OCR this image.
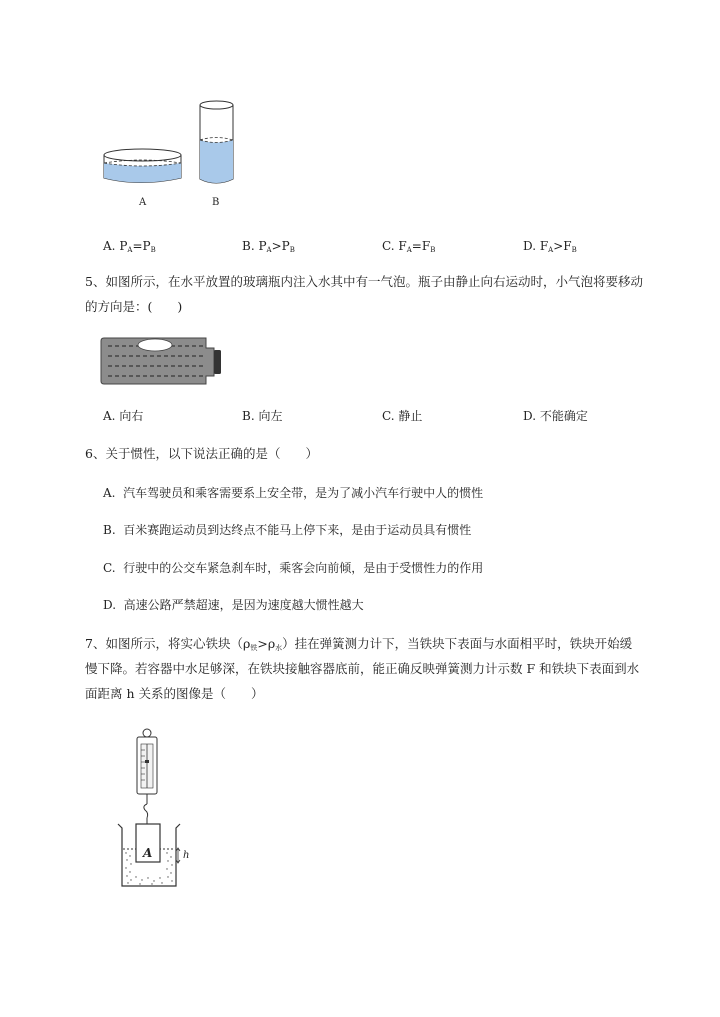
A	B
A. $P_A=P_B$	B. $P_A>P_B$	C. $F_A=F_B$	D. $F_A>F_B$
5、如图所示，在水平放置的玻璃瓶内注入水其中有一气泡。瓶子由静止向右运动时，小气泡将要移动
的方向是：(　　)
A. 向右	B. 向左	C. 静止	D. 不能确定
6、关于惯性，以下说法正确的是（　　）
A. 汽车驾驶员和乘客需要系上安全带，是为了减小汽车行驶中人的惯性
B. 百米赛跑运动员到达终点不能马上停下来，是由于运动员具有惯性
C. 行驶中的公交车紧急刹车时，乘客会向前倾，是由于受惯性力的作用
D. 高速公路严禁超速，是因为速度越大惯性越大
7、如图所示，将实心铁块$(\rho_铁>\rho_水)$挂在弹簧测力计下，当铁块下表面与水面相平时，铁块开始缓
慢下降。若容器中水足够深，在铁块接触容器底前，能正确反映弹簧测力计示数 F 和铁块下表面到水
面距离 h 关系的图像是（　　）
A	h
